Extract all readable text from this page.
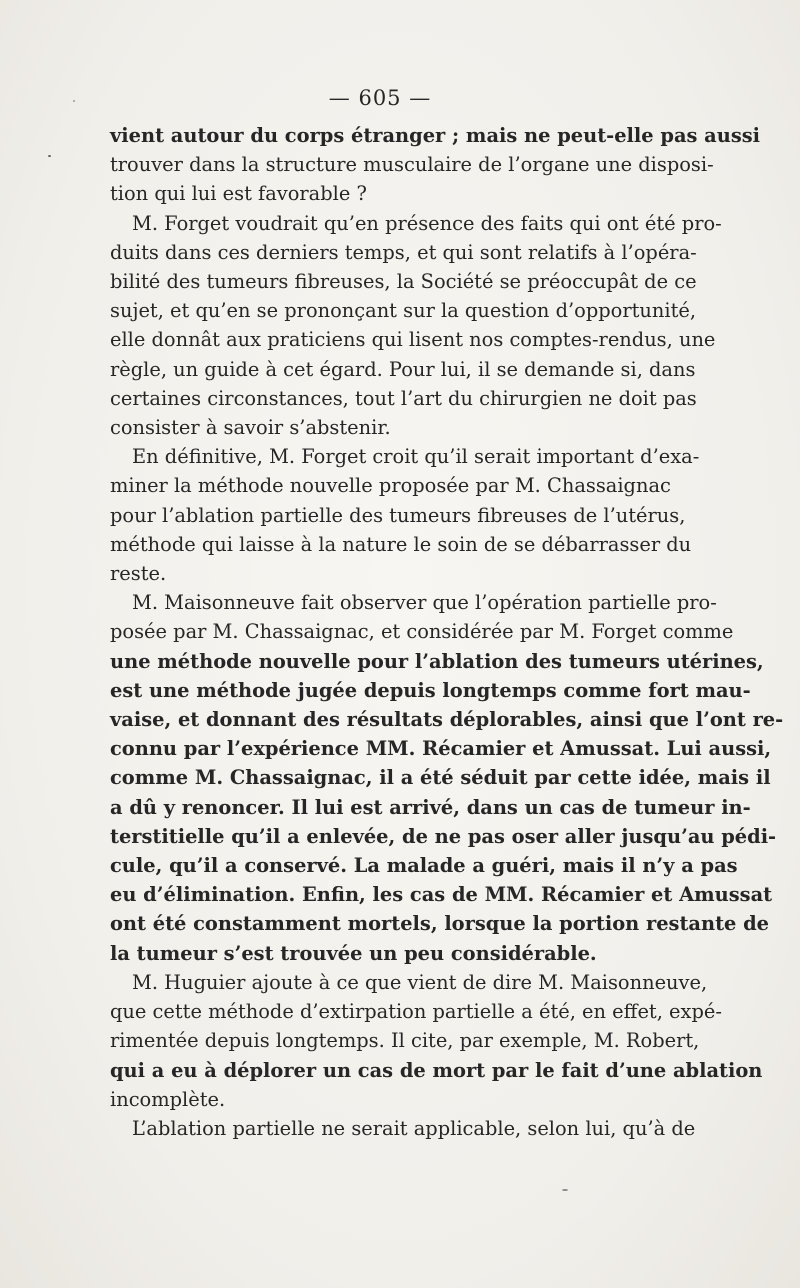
— 605 —
vient autour du corps étranger ; mais ne peut-elle pas aussi
trouver dans la structure musculaire de l’organe une disposi-
tion qui lui est favorable ?
M. Forget voudrait qu’en présence des faits qui ont été pro-
duits dans ces derniers temps, et qui sont relatifs à l’opéra-
bilité des tumeurs fibreuses, la Société se préoccupât de ce
sujet, et qu’en se prononçant sur la question d’opportunité,
elle donnât aux praticiens qui lisent nos comptes-rendus, une
règle, un guide à cet égard. Pour lui, il se demande si, dans
certaines circonstances, tout l’art du chirurgien ne doit pas
consister à savoir s’abstenir.
En définitive, M. Forget croit qu’il serait important d’exa-
miner la méthode nouvelle proposée par M. Chassaignac
pour l’ablation partielle des tumeurs fibreuses de l’utérus,
méthode qui laisse à la nature le soin de se débarrasser du
reste.
M. Maisonneuve fait observer que l’opération partielle pro-
posée par M. Chassaignac, et considérée par M. Forget comme
une méthode nouvelle pour l’ablation des tumeurs utérines,
est une méthode jugée depuis longtemps comme fort mau-
vaise, et donnant des résultats déplorables, ainsi que l’ont re-
connu par l’expérience MM. Récamier et Amussat. Lui aussi,
comme M. Chassaignac, il a été séduit par cette idée, mais il
a dû y renoncer. Il lui est arrivé, dans un cas de tumeur in-
terstitielle qu’il a enlevée, de ne pas oser aller jusqu’au pédi-
cule, qu’il a conservé. La malade a guéri, mais il n’y a pas
eu d’élimination. Enfin, les cas de MM. Récamier et Amussat
ont été constamment mortels, lorsque la portion restante de
la tumeur s’est trouvée un peu considérable.
M. Huguier ajoute à ce que vient de dire M. Maisonneuve,
que cette méthode d’extirpation partielle a été, en effet, expé-
rimentée depuis longtemps. Il cite, par exemple, M. Robert,
qui a eu à déplorer un cas de mort par le fait d’une ablation
incomplète.
L’ablation partielle ne serait applicable, selon lui, qu’à de
